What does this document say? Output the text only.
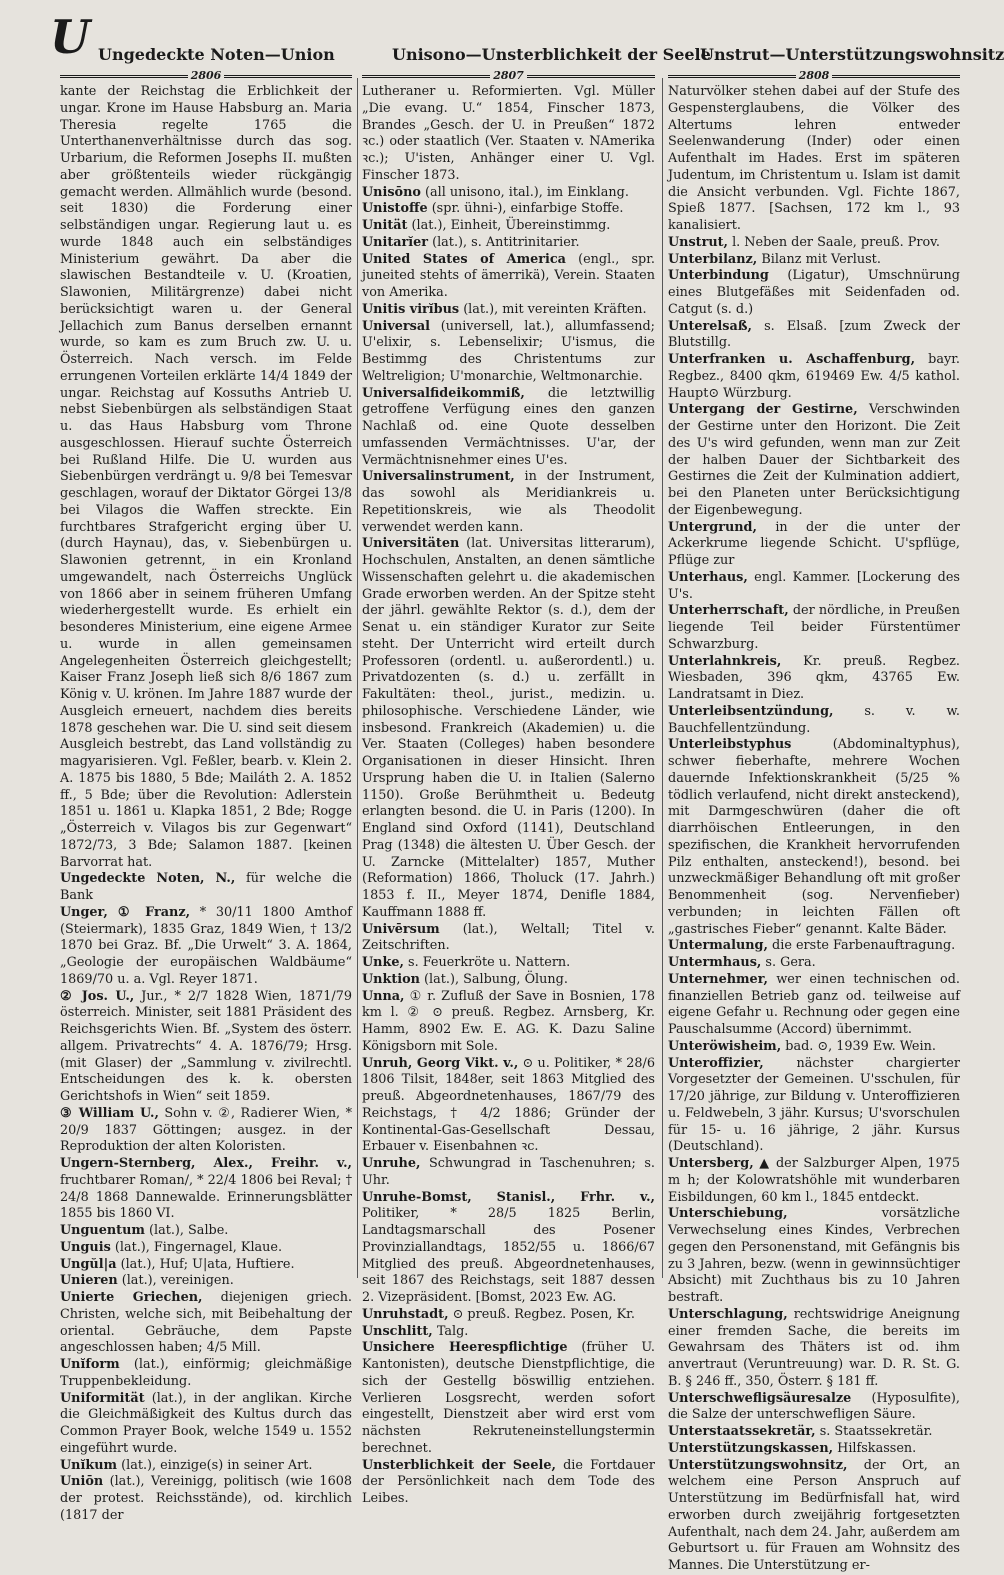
U Ungedeckte Noten—Union	Unisono—Unsterblichkeit der Seele
Unstrut—Unterstützungswohnsitz
2806	2807	2808

kante der Reichstag die Erblichkeit der ungar. Krone im Hause Habsburg an. Maria Theresia regelte 1765 die Unterthanenverhältnisse durch das sog. Urbarium, die Reformen Josephs II. mußten aber größtenteils wieder rückgängig gemacht werden. Allmählich wurde (besond. seit 1830) die Forderung einer selbständigen ungar. Regierung laut u. es wurde 1848 auch ein selbständiges Ministerium gewährt. Da aber die slawischen Bestandteile v. U. (Kroatien, Slawonien, Militärgrenze) dabei nicht berücksichtigt waren u. der General Jellachich zum Banus derselben ernannt wurde, so kam es zum Bruch zw. U. u. Österreich. Nach versch. im Felde errungenen Vorteilen erklärte 14/4 1849 der ungar. Reichstag auf Kossuths Antrieb U. nebst Siebenbürgen als selbständigen Staat u. das Haus Habsburg vom Throne ausgeschlossen. Hierauf suchte Österreich bei Rußland Hilfe. Die U. wurden aus Siebenbürgen verdrängt u. 9/8 bei Temesvar geschlagen, worauf der Diktator Görgei 13/8 bei Vilagos die Waffen streckte. Ein furchtbares Strafgericht erging über U. (durch Haynau), das, v. Siebenbürgen u. Slawonien getrennt, in ein Kronland umgewandelt, nach Österreichs Unglück von 1866 aber in seinem früheren Umfang wiederhergestellt wurde. Es erhielt ein besonderes Ministerium, eine eigene Armee u. wurde in allen gemeinsamen Angelegenheiten Österreich gleichgestellt; Kaiser Franz Joseph ließ sich 8/6 1867 zum König v. U. krönen. Im Jahre 1887 wurde der Ausgleich erneuert, nachdem dies bereits 1878 geschehen war. Die U. sind seit diesem Ausgleich bestrebt, das Land vollständig zu magyarisieren. Vgl. Feßler, bearb. v. Klein 2. A. 1875 bis 1880, 5 Bde; Mailáth 2. A. 1852 ff., 5 Bde; über die Revolution: Adlerstein 1851 u. 1861 u. Klapka 1851, 2 Bde; Rogge „Österreich v. Vilagos bis zur Gegenwart“ 1872/73, 3 Bde; Salamon 1887. [keinen Barvorrat hat.

Ungedeckte Noten, N., für welche die Bank

Unger, ① Franz, * 30/11 1800 Amthof (Steiermark), 1835 Graz, 1849 Wien, † 13/2 1870 bei Graz. Bf. „Die Urwelt“ 3. A. 1864, „Geologie der europäischen Waldbäume“ 1869/70 u. a. Vgl. Reyer 1871.

② Jos. U., Jur., * 2/7 1828 Wien, 1871/79 österreich. Minister, seit 1881 Präsident des Reichsgerichts Wien. Bf. „System des österr. allgem. Privatrechts“ 4. A. 1876/79; Hrsg. (mit Glaser) der „Sammlung v. zivilrechtl. Entscheidungen des k. k. obersten Gerichtshofs in Wien“ seit 1859.

③ William U., Sohn v. ②, Radierer Wien, * 20/9 1837 Göttingen; ausgez. in der Reproduktion der alten Koloristen.

Ungern-Sternberg, Alex., Freihr. v., fruchtbarer Roman/, * 22/4 1806 bei Reval; † 24/8 1868 Dannewalde. Erinnerungsblätter 1855 bis 1860 VI.

Unguentum (lat.), Salbe.

Unguis (lat.), Fingernagel, Klaue.

Ungŭl|a (lat.), Huf; U|ata, Huftiere.

Unieren (lat.), vereinigen.

Unierte Griechen, diejenigen griech. Christen, welche sich, mit Beibehaltung der oriental. Gebräuche, dem Papste angeschlossen haben; 4/5 Mill.

Unĭform (lat.), einförmig; gleichmäßige Truppenbekleidung.

Uniformität (lat.), in der anglikan. Kirche die Gleichmäßigkeit des Kultus durch das Common Prayer Book, welche 1549 u. 1552 eingeführt wurde.

Unĭkum (lat.), einzige(s) in seiner Art.

Uniōn (lat.), Vereinigg, politisch (wie 1608 der protest. Reichsstände), od. kirchlich (1817 der

Lutheraner u. Reformierten. Vgl. Müller „Die evang. U.“ 1854, Finscher 1873, Brandes „Gesch. der U. in Preußen“ 1872 ꝛc.) oder staatlich (Ver. Staaten v. NAmerika ꝛc.); U'isten, Anhänger einer U. Vgl. Finscher 1873.

Unisōno (all unisono, ital.), im Einklang.

Unistoffe (spr. ühni-), einfarbige Stoffe.

Unität (lat.), Einheit, Übereinstimmg.

Unitarĭer (lat.), s. Antitrinitarier.

United States of America (engl., spr. juneited stehts of ämerrikä), Verein. Staaten von Amerika.

Unitis virĭbus (lat.), mit vereinten Kräften.

Universal (universell, lat.), allumfassend; U'elixir, s. Lebenselixir; U'ismus, die Bestimmg des Christentums zur Weltreligion; U'monarchie, Weltmonarchie.

Universalfideikommiß, die letztwillig getroffene Verfügung eines den ganzen Nachlaß od. eine Quote desselben umfassenden Vermächtnisses. U'ar, der Vermächtnisnehmer eines U'es.

Universalinstrument, in der Instrument, das sowohl als Meridiankreis u. Repetitionskreis, wie als Theodolit verwendet werden kann.

Universitäten (lat. Universitas litterarum), Hochschulen, Anstalten, an denen sämtliche Wissenschaften gelehrt u. die akademischen Grade erworben werden. An der Spitze steht der jährl. gewählte Rektor (s. d.), dem der Senat u. ein ständiger Kurator zur Seite steht. Der Unterricht wird erteilt durch Professoren (ordentl. u. außerordentl.) u. Privatdozenten (s. d.) u. zerfällt in Fakultäten: theol., jurist., medizin. u. philosophische. Verschiedene Länder, wie insbesond. Frankreich (Akademien) u. die Ver. Staaten (Colleges) haben besondere Organisationen in dieser Hinsicht. Ihren Ursprung haben die U. in Italien (Salerno 1150). Große Berühmtheit u. Bedeutg erlangten besond. die U. in Paris (1200). In England sind Oxford (1141), Deutschland Prag (1348) die ältesten U. Über Gesch. der U. Zarncke (Mittelalter) 1857, Muther (Reformation) 1866, Tholuck (17. Jahrh.) 1853 f. II., Meyer 1874, Denifle 1884, Kauffmann 1888 ff.

Univērsum (lat.), Weltall; Titel v. Zeitschriften.

Unke, s. Feuerkröte u. Nattern.

Unktion (lat.), Salbung, Ölung.

Unna, ① r. Zufluß der Save in Bosnien, 178 km l. ② ⊙ preuß. Regbez. Arnsberg, Kr. Hamm, 8902 Ew. E. AG. K. Dazu Saline Königsborn mit Sole.

Unruh, Georg Vikt. v., ⊙ u. Politiker, * 28/6 1806 Tilsit, 1848er, seit 1863 Mitglied des preuß. Abgeordnetenhauses, 1867/79 des Reichstags, † 4/2 1886; Gründer der Kontinental-Gas-Gesellschaft Dessau, Erbauer v. Eisenbahnen ꝛc.

Unruhe, Schwungrad in Taschenuhren; s. Uhr.

Unruhe-Bomst, Stanisl., Frhr. v., Politiker, * 28/5 1825 Berlin, Landtagsmarschall des Posener Provinziallandtags, 1852/55 u. 1866/67 Mitglied des preuß. Abgeordnetenhauses, seit 1867 des Reichstags, seit 1887 dessen 2. Vizepräsident. [Bomst, 2023 Ew. AG.

Unruhstadt, ⊙ preuß. Regbez. Posen, Kr.

Unschlitt, Talg.

Unsichere Heerespflichtige (früher U. Kantonisten), deutsche Dienstpflichtige, die sich der Gestellg böswillig entziehen. Verlieren Losgsrecht, werden sofort eingestellt, Dienstzeit aber wird erst vom nächsten Rekruteneinstellungstermin berechnet.

Unsterblichkeit der Seele, die Fortdauer der Persönlichkeit nach dem Tode des Leibes.

Naturvölker stehen dabei auf der Stufe des Gespensterglaubens, die Völker des Altertums lehren entweder Seelenwanderung (Inder) oder einen Aufenthalt im Hades. Erst im späteren Judentum, im Christentum u. Islam ist damit die Ansicht verbunden. Vgl. Fichte 1867, Spieß 1877. [Sachsen, 172 km l., 93 kanalisiert.

Unstrut, l. Neben der Saale, preuß. Prov.

Unterbilanz, Bilanz mit Verlust.

Unterbindung (Ligatur), Umschnürung eines Blutgefäßes mit Seidenfaden od. Catgut (s. d.)

Unterelsaß, s. Elsaß. [zum Zweck der Blutstillg.

Unterfranken u. Aschaffenburg, bayr. Regbez., 8400 qkm, 619469 Ew. 4/5 kathol. Haupt⊙ Würzburg.

Untergang der Gestirne, Verschwinden der Gestirne unter den Horizont. Die Zeit des U's wird gefunden, wenn man zur Zeit der halben Dauer der Sichtbarkeit des Gestirnes die Zeit der Kulmination addiert, bei den Planeten unter Berücksichtigung der Eigenbewegung.

Untergrund, in der die unter der Ackerkrume liegende Schicht. U'spflüge, Pflüge zur

Unterhaus, engl. Kammer. [Lockerung des U's.

Unterherrschaft, der nördliche, in Preußen liegende Teil beider Fürstentümer Schwarzburg.

Unterlahnkreis, Kr. preuß. Regbez. Wiesbaden, 396 qkm, 43765 Ew. Landratsamt in Diez.

Unterleibsentzündung, s. v. w. Bauchfellentzündung.

Unterleibstyphus (Abdominaltyphus), schwer fieberhafte, mehrere Wochen dauernde Infektionskrankheit (5/25 % tödlich verlaufend, nicht direkt ansteckend), mit Darmgeschwüren (daher die oft diarrhöischen Entleerungen, in den spezifischen, die Krankheit hervorrufenden Pilz enthalten, ansteckend!), besond. bei unzweckmäßiger Behandlung oft mit großer Benommenheit (sog. Nervenfieber) verbunden; in leichten Fällen oft „gastrisches Fieber“ genannt. Kalte Bäder.

Untermalung, die erste Farbenauftragung.

Untermhaus, s. Gera.

Unternehmer, wer einen technischen od. finanziellen Betrieb ganz od. teilweise auf eigene Gefahr u. Rechnung oder gegen eine Pauschalsumme (Accord) übernimmt.

Unteröwisheim, bad. ⊙, 1939 Ew. Wein.

Unteroffizier, nächster chargierter Vorgesetzter der Gemeinen. U'sschulen, für 17/20 jährige, zur Bildung v. Unteroffizieren u. Feldwebeln, 3 jähr. Kursus; U'svorschulen für 15- u. 16 jährige, 2 jähr. Kursus (Deutschland).

Untersberg, ▲ der Salzburger Alpen, 1975 m h; der Kolowratshöhle mit wunderbaren Eisbildungen, 60 km l., 1845 entdeckt.

Unterschiebung, vorsätzliche Verwechselung eines Kindes, Verbrechen gegen den Personenstand, mit Gefängnis bis zu 3 Jahren, bezw. (wenn in gewinnsüchtiger Absicht) mit Zuchthaus bis zu 10 Jahren bestraft.

Unterschlagung, rechtswidrige Aneignung einer fremden Sache, die bereits im Gewahrsam des Thäters ist od. ihm anvertraut (Veruntreuung) war. D. R. St. G. B. § 246 ff., 350, Österr. § 181 ff.

Unterschwefligsäuresalze (Hyposulfite), die Salze der unterschwefligen Säure.

Unterstaatssekretär, s. Staatssekretär.

Unterstützungskassen, Hilfskassen.

Unterstützungswohnsitz, der Ort, an welchem eine Person Anspruch auf Unterstützung im Bedürfnisfall hat, wird erworben durch zweijährig fortgesetzten Aufenthalt, nach dem 24. Jahr, außerdem am Geburtsort u. für Frauen am Wohnsitz des Mannes. Die Unterstützung er-
